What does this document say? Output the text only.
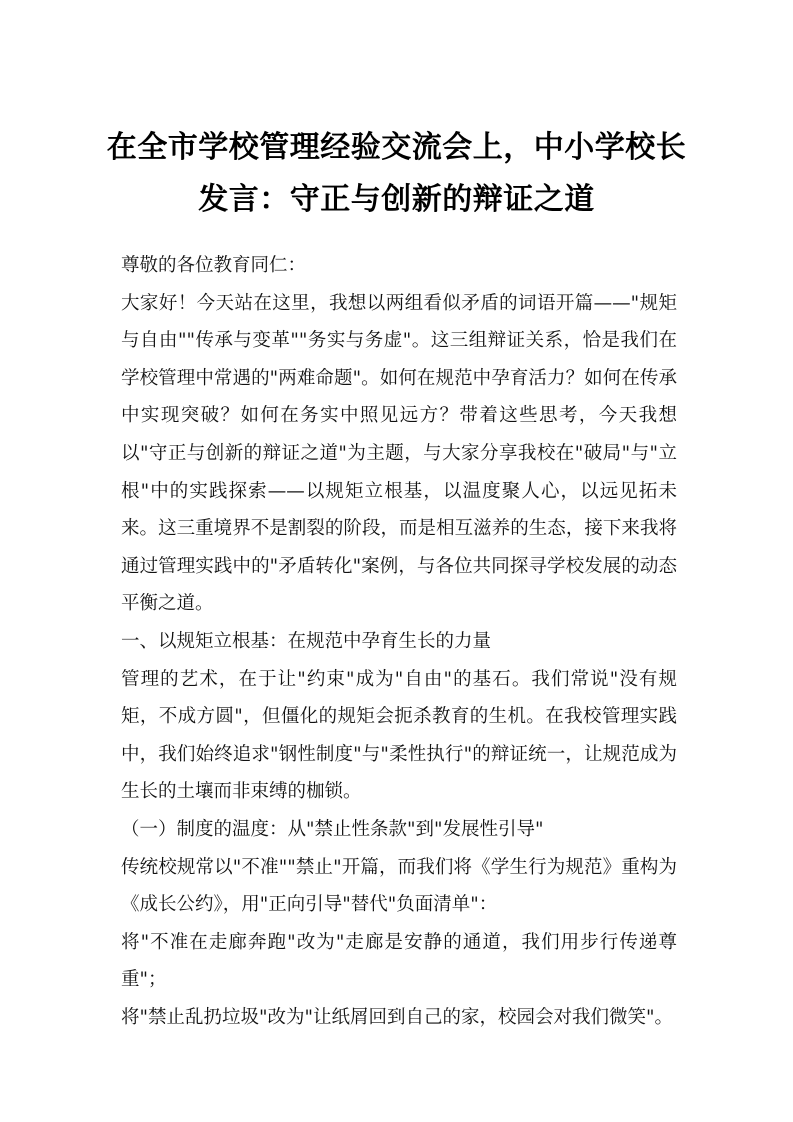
在全市学校管理经验交流会上，中小学校长
发言：守正与创新的辩证之道

尊敬的各位教育同仁：

大家好！今天站在这里，我想以两组看似矛盾的词语开篇——"规矩与自由""传承与变革""务实与务虚"。这三组辩证关系，恰是我们在学校管理中常遇的"两难命题"。如何在规范中孕育活力？如何在传承中实现突破？如何在务实中照见远方？带着这些思考，今天我想以"守正与创新的辩证之道"为主题，与大家分享我校在"破局"与"立根"中的实践探索——以规矩立根基，以温度聚人心，以远见拓未来。这三重境界不是割裂的阶段，而是相互滋养的生态，接下来我将通过管理实践中的"矛盾转化"案例，与各位共同探寻学校发展的动态平衡之道。

一、以规矩立根基：在规范中孕育生长的力量

管理的艺术，在于让"约束"成为"自由"的基石。我们常说"没有规矩，不成方圆"，但僵化的规矩会扼杀教育的生机。在我校管理实践中，我们始终追求"钢性制度"与"柔性执行"的辩证统一，让规范成为生长的土壤而非束缚的枷锁。

（一）制度的温度：从"禁止性条款"到"发展性引导"

传统校规常以"不准""禁止"开篇，而我们将《学生行为规范》重构为《成长公约》，用"正向引导"替代"负面清单"：

将"不准在走廊奔跑"改为"走廊是安静的通道，我们用步行传递尊重"；

将"禁止乱扔垃圾"改为"让纸屑回到自己的家，校园会对我们微笑"。
